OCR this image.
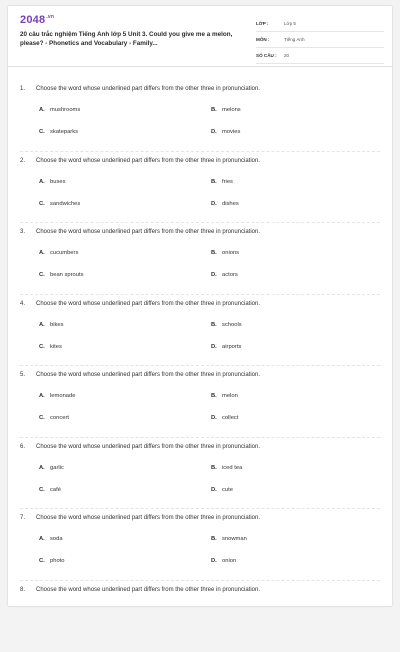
$2048^{.vn}$
20 câu trắc nghiệm Tiếng Anh lớp 5 Unit 3. Could you give me a melon, please? - Phonetics and Vocabulary - Family...
LỚP :	Lớp 5
MÔN :	Tiếng Anh
SỐ CÂU : 20
1. Choose the word whose underlined part differs from the other three in pronunciation.
A. mushrooms	B. melons
C. skateparks	D. movies
2. Choose the word whose underlined part differs from the other three in pronunciation.
A. buses	B. fries
C. sandwiches	D. dishes
3. Choose the word whose underlined part differs from the other three in pronunciation.
A. cucumbers	B. onions
C. bean sprouts	D. actors
4. Choose the word whose underlined part differs from the other three in pronunciation.
A. bikes	B. schools
C. kites	D. airports
5. Choose the word whose underlined part differs from the other three in pronunciation.
A. lemonade	B. melon
C. concert	D. collect
6. Choose the word whose underlined part differs from the other three in pronunciation.
A. garlic	B. iced tea
C. café	D. cute
7. Choose the word whose underlined part differs from the other three in pronunciation.
A. soda	B. snowman
C. photo	D. onion
8. Choose the word whose underlined part differs from the other three in pronunciation.
